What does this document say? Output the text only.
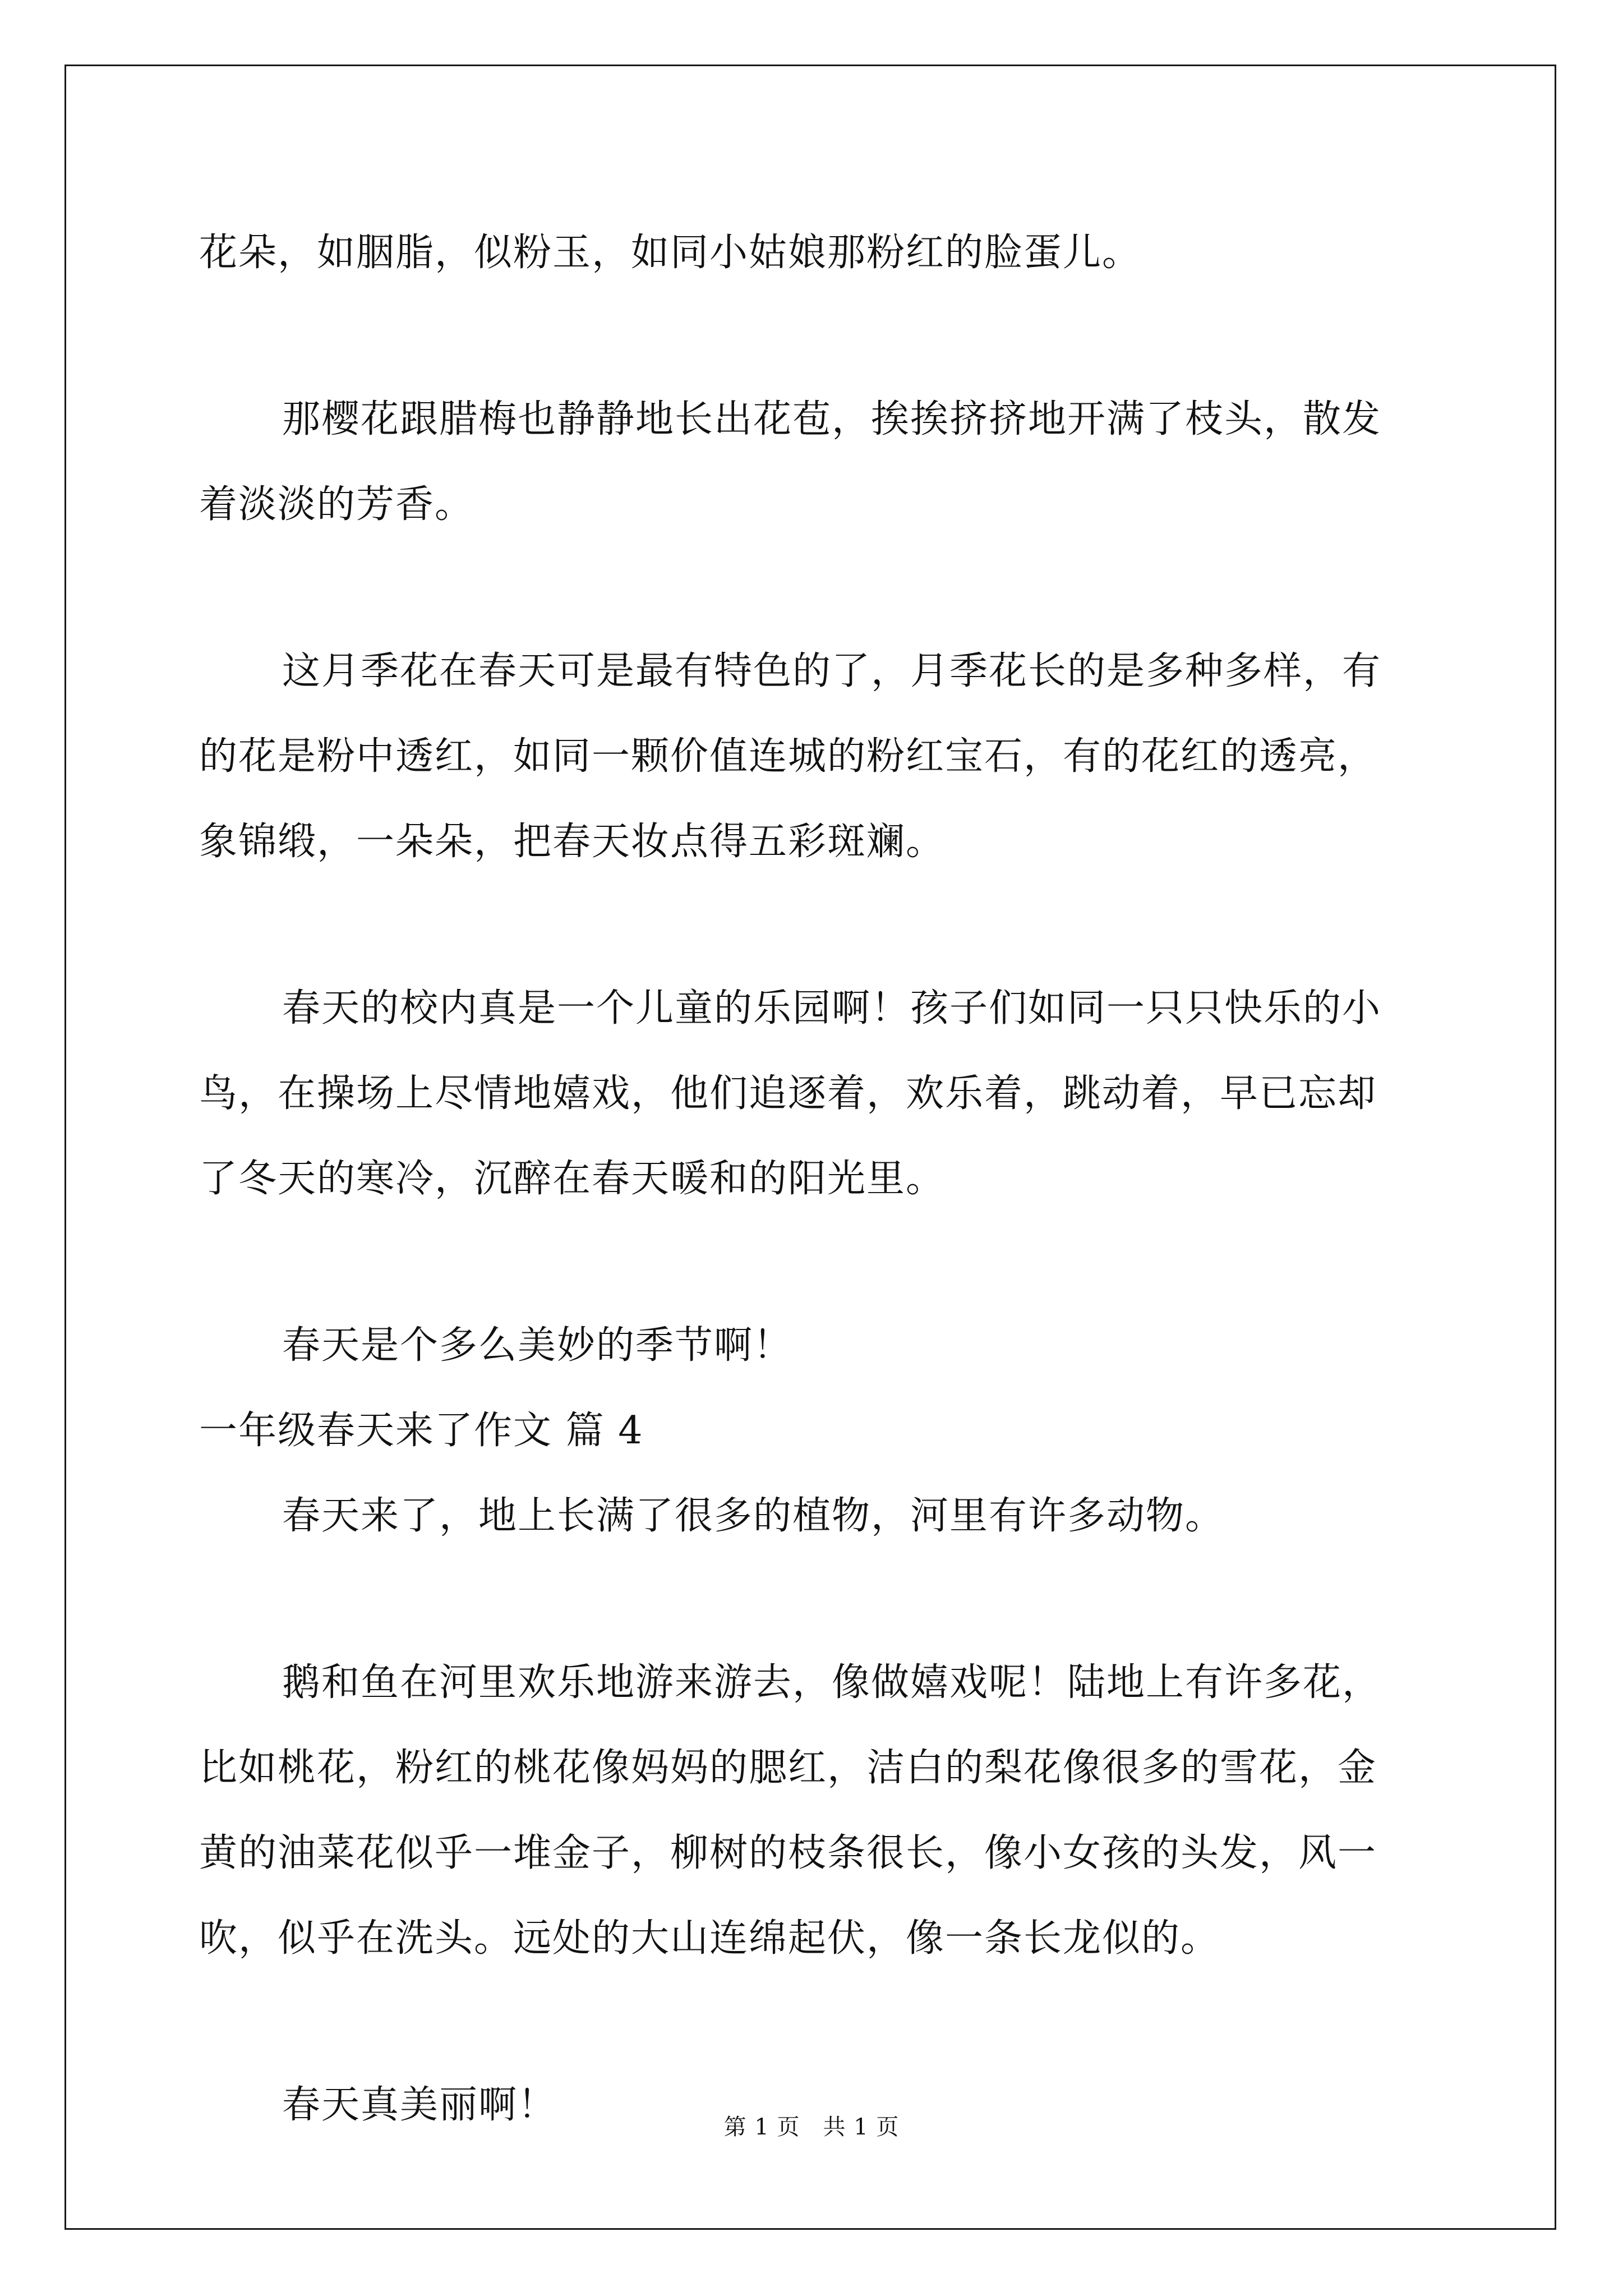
花朵，如胭脂，似粉玉，如同小姑娘那粉红的脸蛋儿。
那樱花跟腊梅也静静地长出花苞，挨挨挤挤地开满了枝头，散发
着淡淡的芳香。
这月季花在春天可是最有特色的了，月季花长的是多种多样，有
的花是粉中透红，如同一颗价值连城的粉红宝石，有的花红的透亮，
象锦缎，一朵朵，把春天妆点得五彩斑斓。
春天的校内真是一个儿童的乐园啊！孩子们如同一只只快乐的小
鸟，在操场上尽情地嬉戏，他们追逐着，欢乐着，跳动着，早已忘却
了冬天的寒冷，沉醉在春天暖和的阳光里。
春天是个多么美妙的季节啊！
一年级春天来了作文 篇 4
春天来了，地上长满了很多的植物，河里有许多动物。
鹅和鱼在河里欢乐地游来游去，像做嬉戏呢！陆地上有许多花，
比如桃花，粉红的桃花像妈妈的腮红，洁白的梨花像很多的雪花，金
黄的油菜花似乎一堆金子，柳树的枝条很长，像小女孩的头发，风一
吹，似乎在洗头。远处的大山连绵起伏，像一条长龙似的。
春天真美丽啊！	第 1 页　共 1 页
